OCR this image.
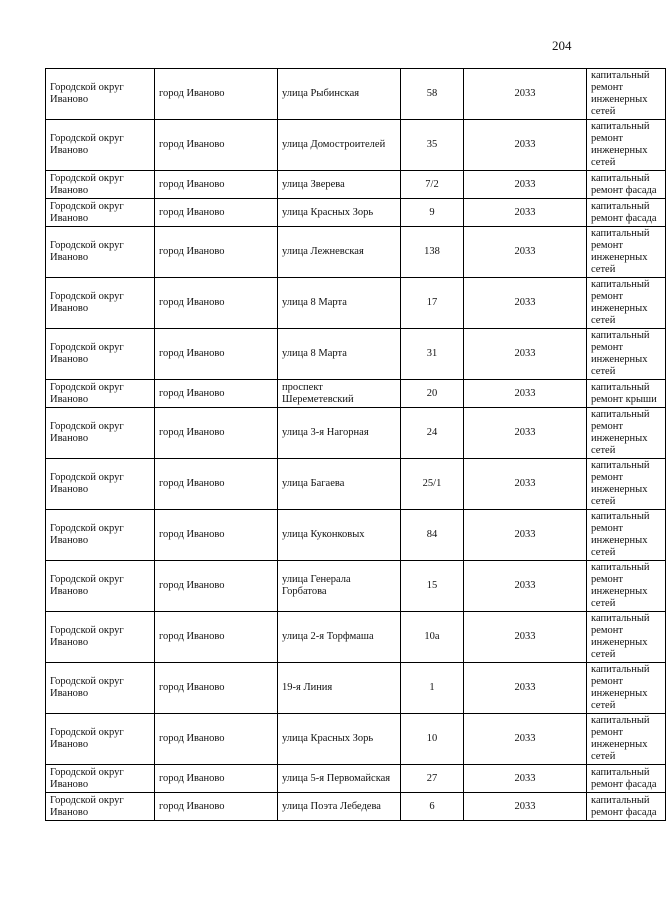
204
Городской округ Иваново	город Иваново	улица Рыбинская	58	2033	капитальный ремонт инженерных сетей
Городской округ Иваново	город Иваново	улица Домостроителей	35	2033	капитальный ремонт инженерных сетей
Городской округ Иваново	город Иваново	улица Зверева	7/2	2033	капитальный ремонт фасада
Городской округ Иваново	город Иваново	улица Красных Зорь	9	2033	капитальный ремонт фасада
Городской округ Иваново	город Иваново	улица Лежневская	138	2033	капитальный ремонт инженерных сетей
Городской округ Иваново	город Иваново	улица 8 Марта	17	2033	капитальный ремонт инженерных сетей
Городской округ Иваново	город Иваново	улица 8 Марта	31	2033	капитальный ремонт инженерных сетей
Городской округ Иваново	город Иваново	проспект Шереметевский	20	2033	капитальный ремонт крыши
Городской округ Иваново	город Иваново	улица 3-я Нагорная	24	2033	капитальный ремонт инженерных сетей
Городской округ Иваново	город Иваново	улица Багаева	25/1	2033	капитальный ремонт инженерных сетей
Городской округ Иваново	город Иваново	улица Куконковых	84	2033	капитальный ремонт инженерных сетей
Городской округ Иваново	город Иваново	улица Генерала Горбатова	15	2033	капитальный ремонт инженерных сетей
Городской округ Иваново	город Иваново	улица 2-я Торфмаша	10а	2033	капитальный ремонт инженерных сетей
Городской округ Иваново	город Иваново	19-я Линия	1	2033	капитальный ремонт инженерных сетей
Городской округ Иваново	город Иваново	улица Красных Зорь	10	2033	капитальный ремонт инженерных сетей
Городской округ Иваново	город Иваново	улица 5-я Первомайская	27	2033	капитальный ремонт фасада
Городской округ Иваново	город Иваново	улица Поэта Лебедева	6	2033	капитальный ремонт фасада
